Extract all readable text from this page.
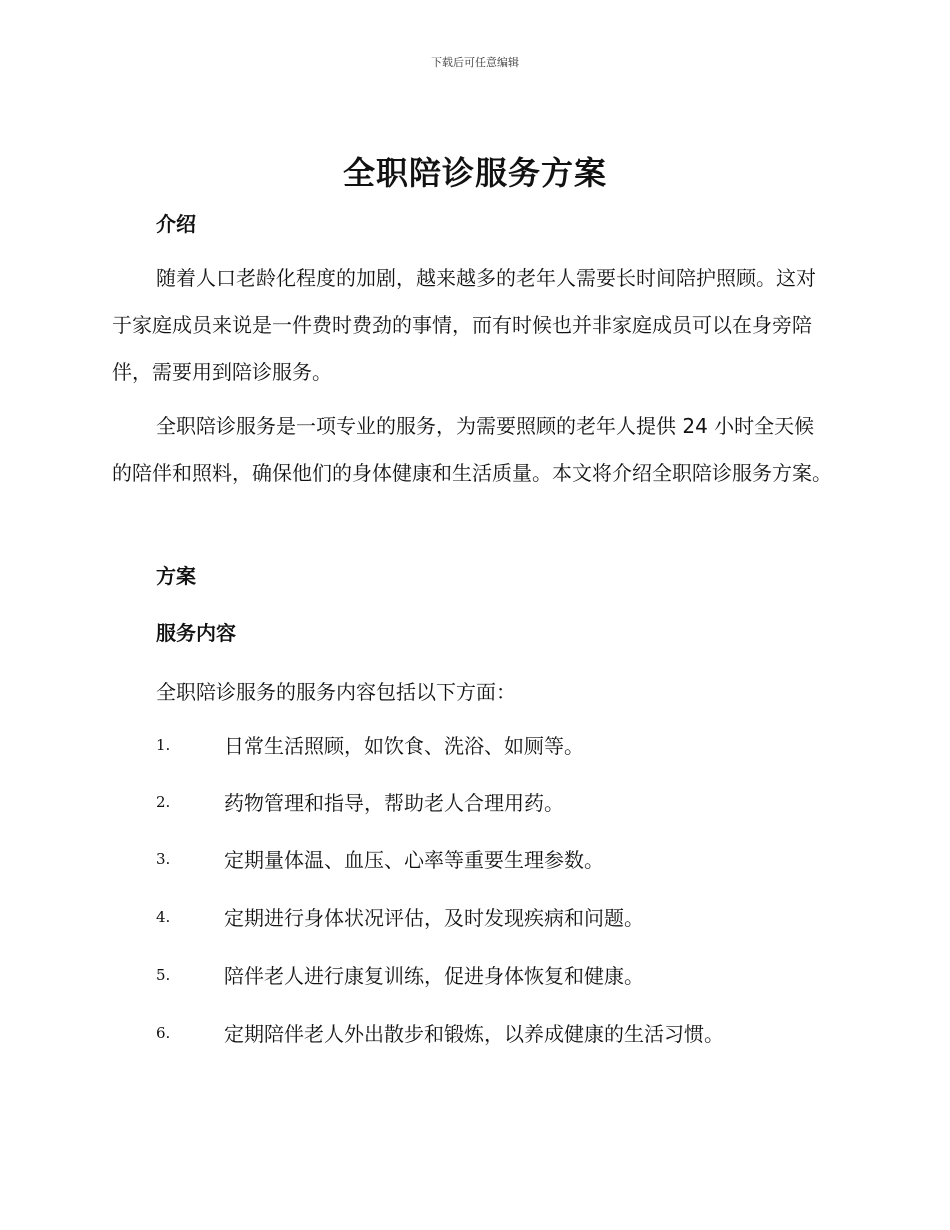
下载后可任意编辑
全职陪诊服务方案
介绍
随着人口老龄化程度的加剧，越来越多的老年人需要长时间陪护照顾。这对于家庭成员来说是一件费时费劲的事情，而有时候也并非家庭成员可以在身旁陪伴，需要用到陪诊服务。
全职陪诊服务是一项专业的服务，为需要照顾的老年人提供 24 小时全天候的陪伴和照料，确保他们的身体健康和生活质量。本文将介绍全职陪诊服务方案。
方案
服务内容
全职陪诊服务的服务内容包括以下方面：
1.	日常生活照顾，如饮食、洗浴、如厕等。
2.	药物管理和指导，帮助老人合理用药。
3.	定期量体温、血压、心率等重要生理参数。
4.	定期进行身体状况评估，及时发现疾病和问题。
5.	陪伴老人进行康复训练，促进身体恢复和健康。
6.	定期陪伴老人外出散步和锻炼，以养成健康的生活习惯。
